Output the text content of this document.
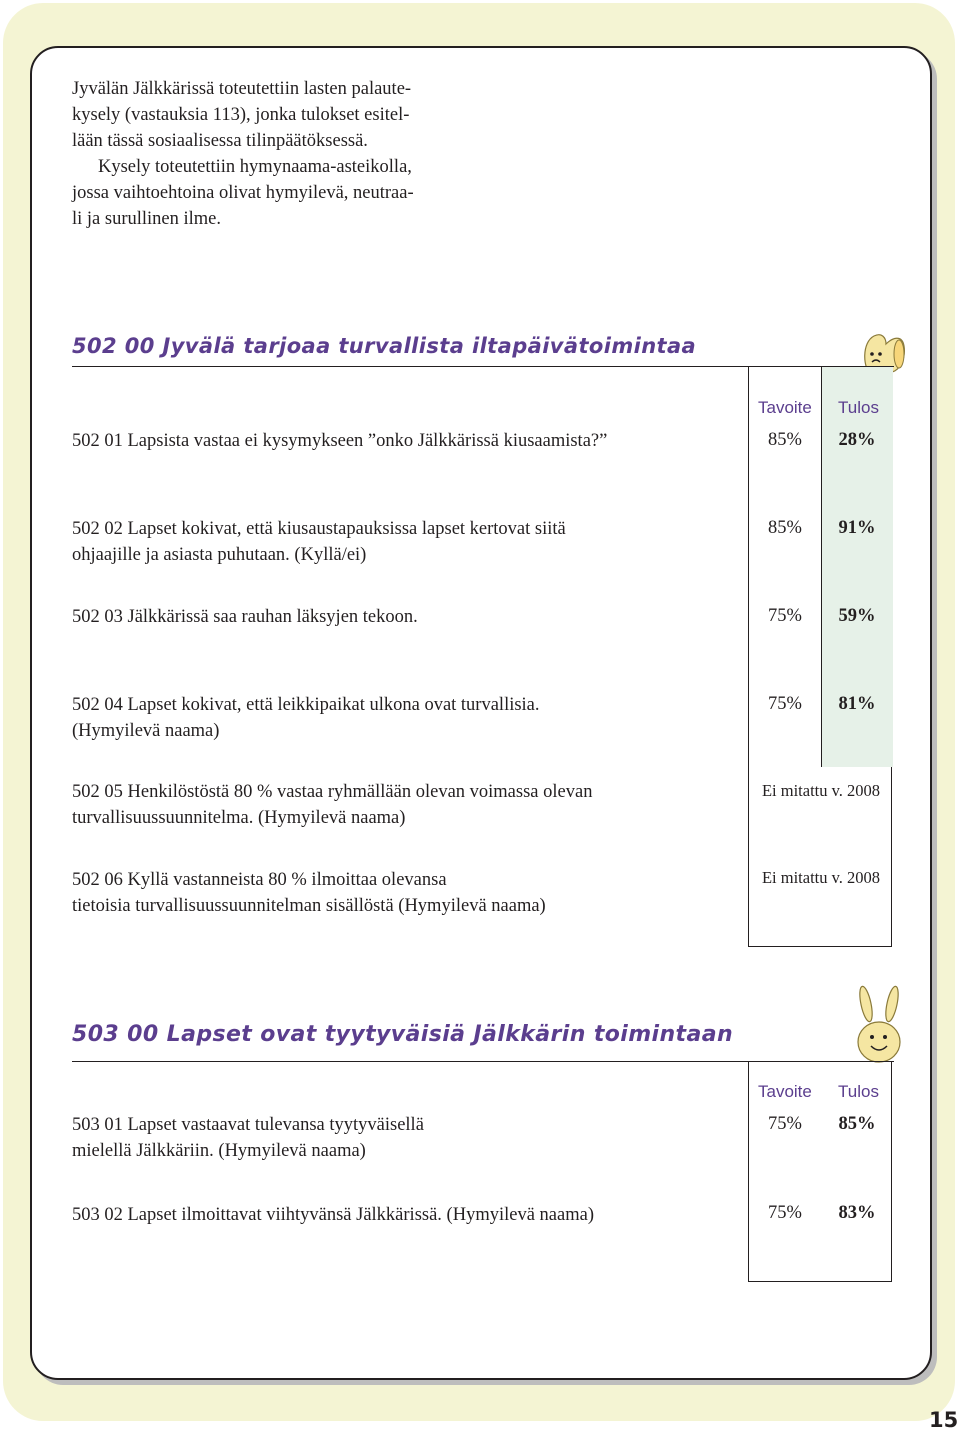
Jyvälän Jälkkärissä toteutettiin lasten palaute-

kysely (vastauksia 113), jonka tulokset esitel-

lään tässä sosiaalisessa tilinpäätöksessä.

Kysely toteutettiin hymynaama-asteikolla,

jossa vaihtoehtoina olivat hymyilevä, neutraa-

li ja surullinen ilme.

502 00 Jyvälä tarjoaa turvallista iltapäivätoimintaa
Tavoite Tulos

502 01 Lapsista vastaa ei kysymykseen ”onko Jälkkärissä kiusaamista?”	85%	28%

502 02 Lapset kokivat, että kiusaustapauksissa lapset kertovat siitä

ohjaajille ja asiasta puhutaan. (Kyllä/ei)

85%	91%

502 03 Jälkkärissä saa rauhan läksyjen tekoon.	75%	59%

502 04 Lapset kokivat, että leikkipaikat ulkona ovat turvallisia.

(Hymyilevä naama)

75%	81%

502 05 Henkilöstöstä 80 % vastaa ryhmällään olevan voimassa olevan

turvallisuussuunnitelma. (Hymyilevä naama)

Ei mitattu v. 2008

502 06 Kyllä vastanneista 80 % ilmoittaa olevansa

tietoisia turvallisuussuunnitelman sisällöstä (Hymyilevä naama)

Ei mitattu v. 2008
503 00 Lapset ovat tyytyväisiä Jälkkärin toimintaan
Tavoite Tulos

503 01 Lapset vastaavat tulevansa tyytyväisellä

mielellä Jälkkäriin. (Hymyilevä naama)

75%	85%

503 02 Lapset ilmoittavat viihtyvänsä Jälkkärissä. (Hymyilevä naama)	75%	83%
15
